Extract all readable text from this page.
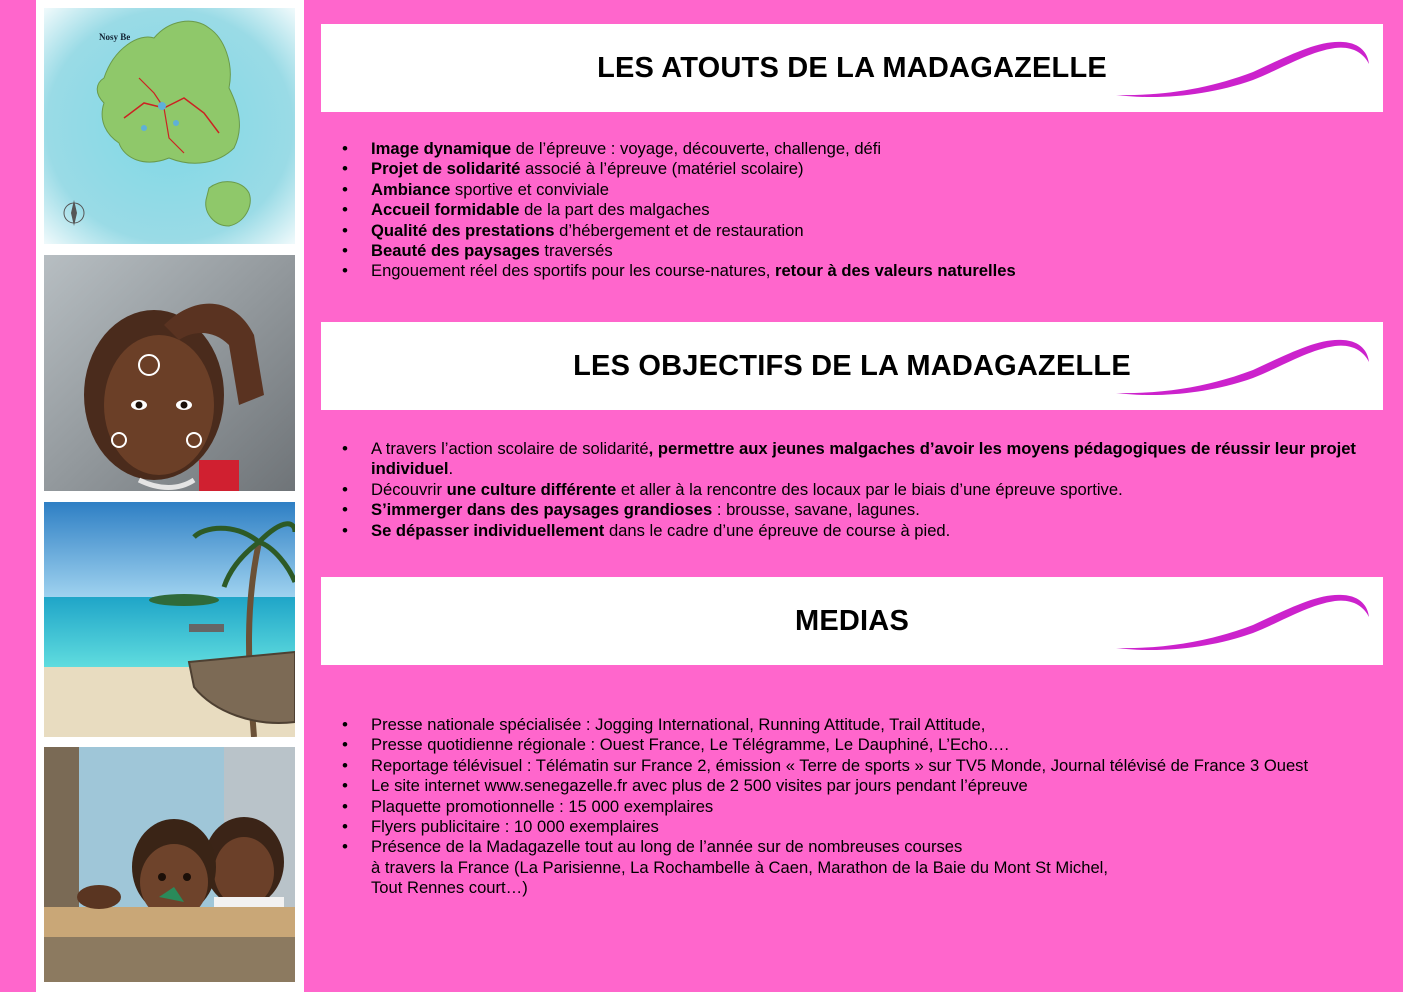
Nosy Be
LES ATOUTS DE LA MADAGAZELLE
• Image dynamique de l’épreuve : voyage, découverte, challenge, défi
• Projet de solidarité associé à l’épreuve (matériel scolaire)
• Ambiance sportive et conviviale
• Accueil formidable de la part des malgaches
• Qualité des prestations d’hébergement et de restauration
• Beauté des paysages traversés
• Engouement réel des sportifs pour les course-natures, retour à des valeurs naturelles
LES OBJECTIFS DE LA MADAGAZELLE
• A travers l’action scolaire de solidarité, permettre aux jeunes malgaches d’avoir les moyens pédagogiques de réussir leur projet individuel.
• Découvrir une culture différente et aller à la rencontre des locaux par le biais d’une épreuve sportive.
• S’immerger dans des paysages grandioses : brousse, savane, lagunes.
• Se dépasser individuellement dans le cadre d’une épreuve de course à pied.
MEDIAS
• Presse nationale spécialisée : Jogging International, Running Attitude, Trail Attitude,
• Presse quotidienne régionale : Ouest France, Le Télégramme, Le Dauphiné, L’Echo….
• Reportage télévisuel : Télématin sur France 2, émission « Terre de sports » sur TV5 Monde, Journal télévisé de France 3 Ouest
• Le site internet www.senegazelle.fr avec plus de 2 500 visites par jours pendant l’épreuve
• Plaquette promotionnelle : 15 000 exemplaires
• Flyers publicitaire : 10 000 exemplaires
• Présence de la Madagazelle tout au long de l’année sur de nombreuses courses
à travers la France (La Parisienne, La Rochambelle à Caen, Marathon de la Baie du Mont St Michel,
Tout Rennes court…)
